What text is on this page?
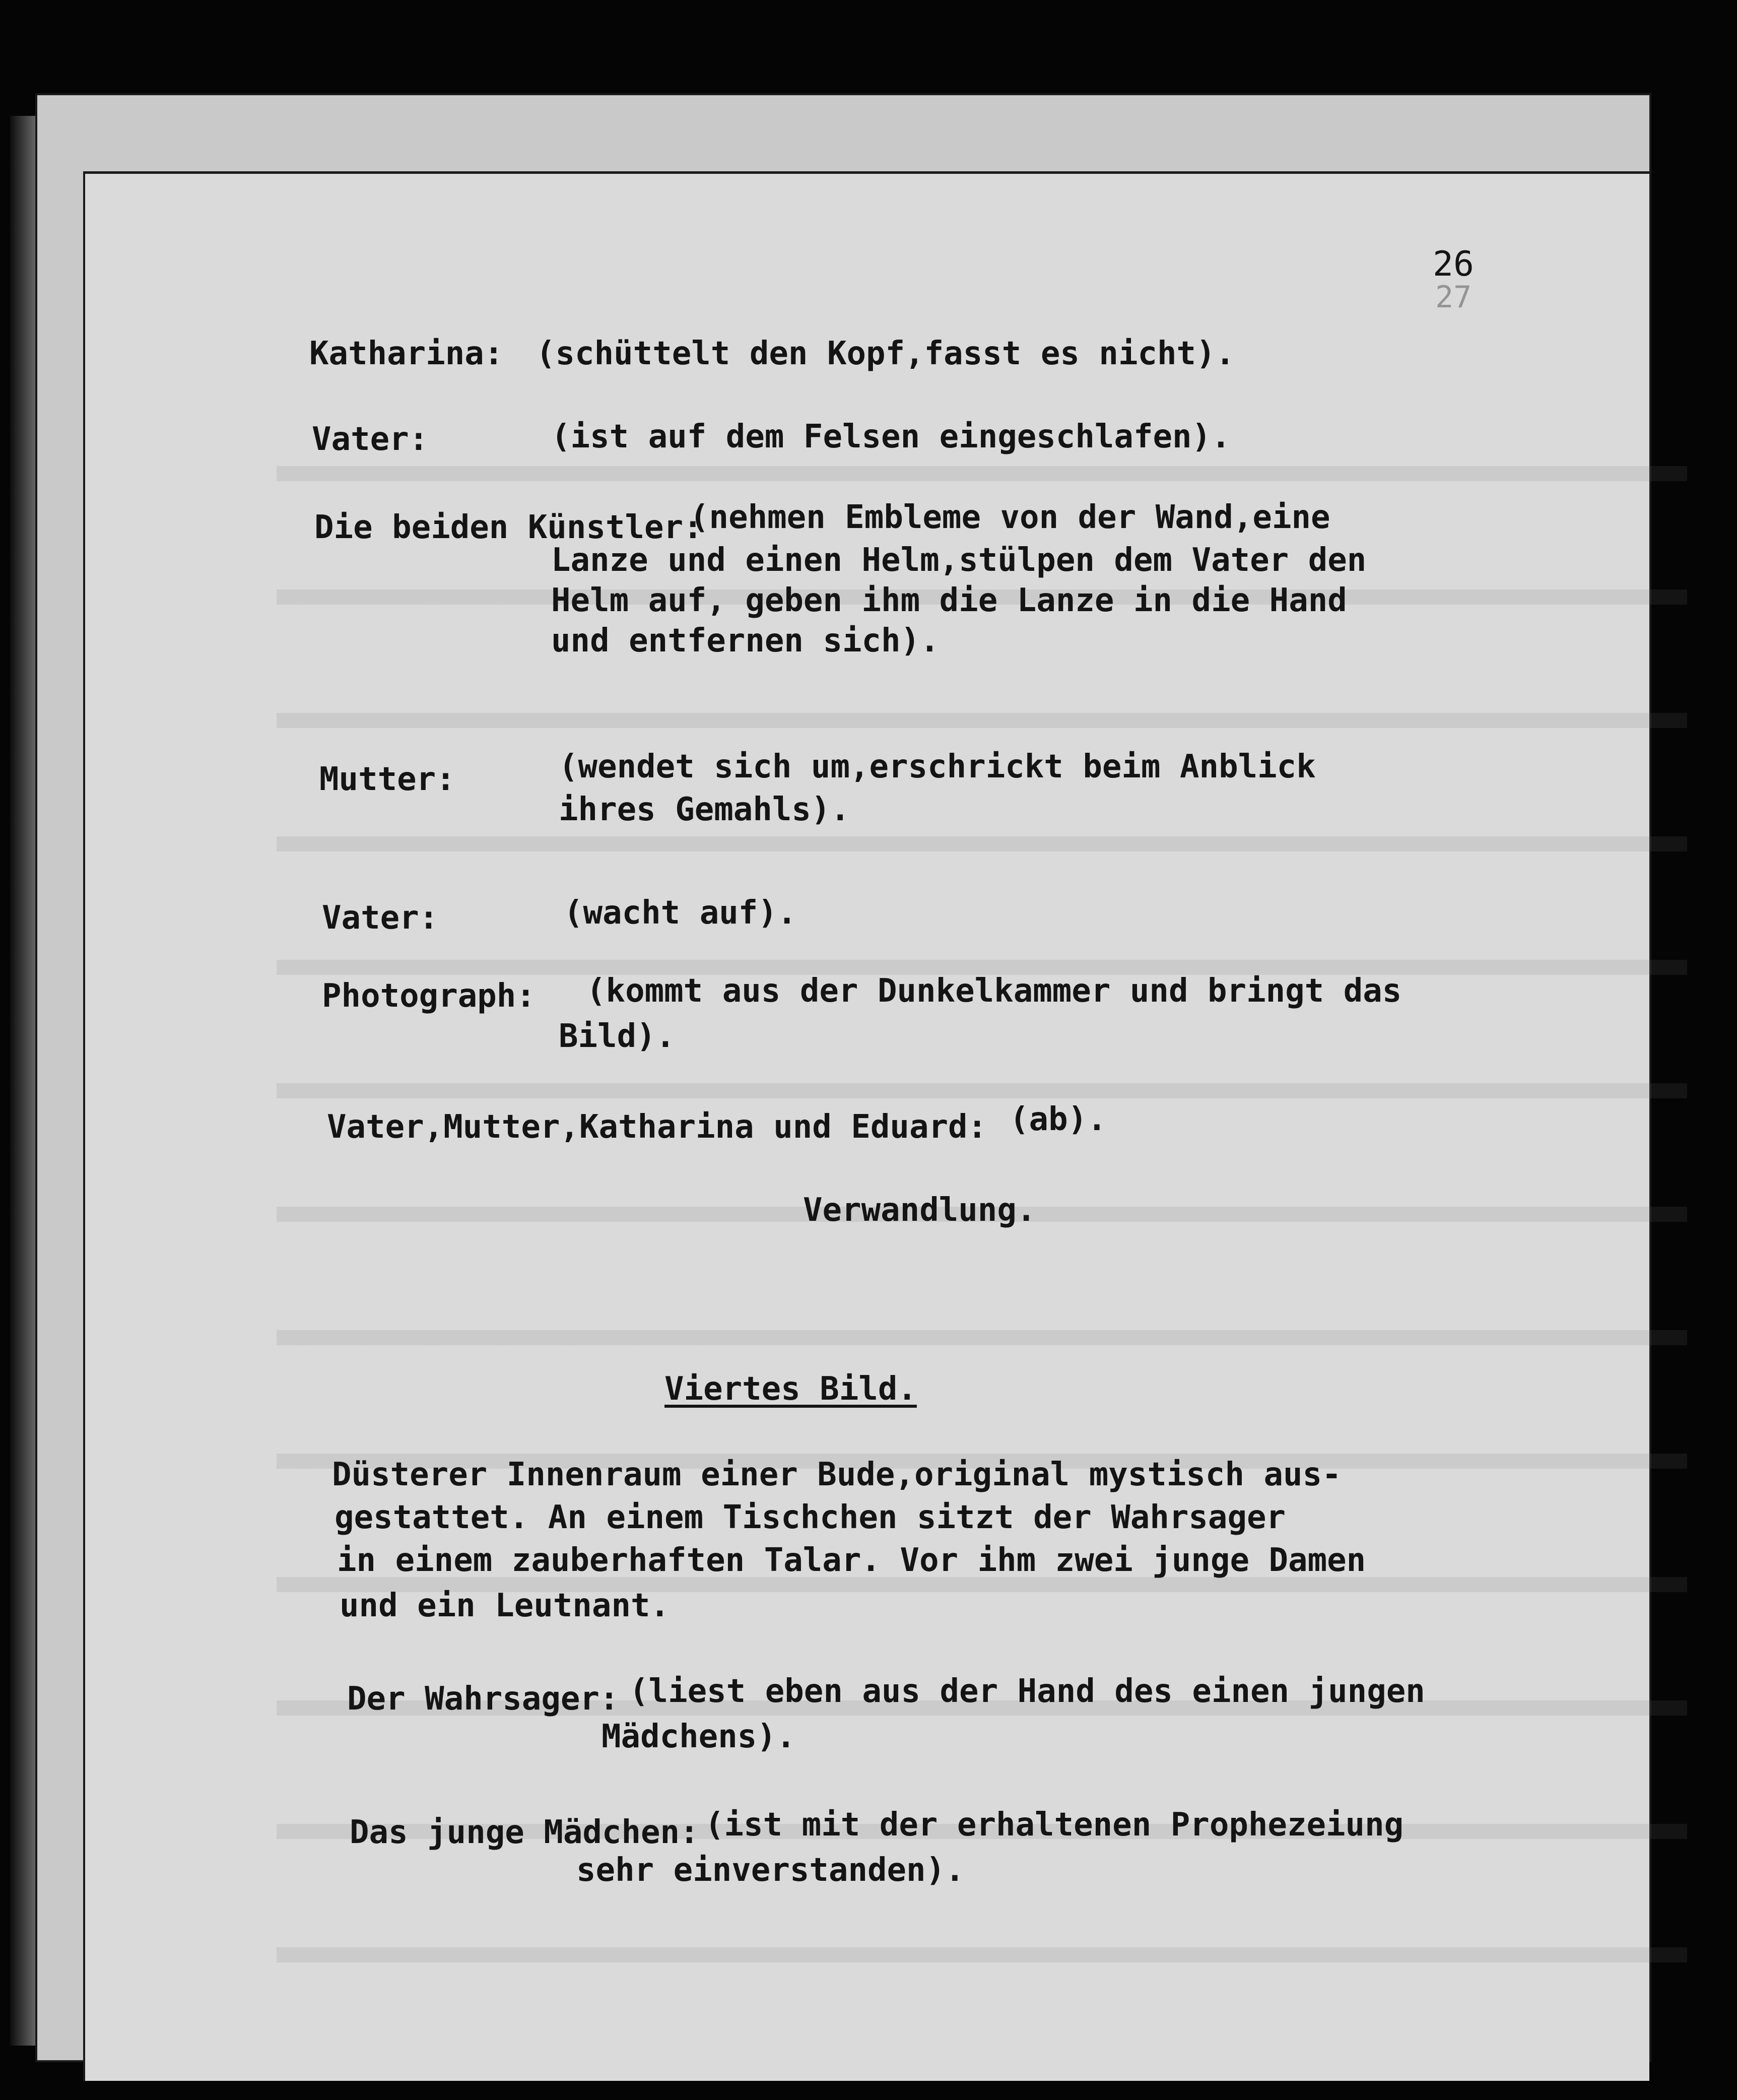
26
27
Katharina: (schüttelt den Kopf,fasst es nicht).
Vater:	(ist auf dem Felsen eingeschlafen).
Die beiden Künstler:
(nehmen Embleme von der Wand,eine
Lanze und einen Helm,stülpen dem Vater den
Helm auf, geben ihm die Lanze in die Hand
und entfernen sich).
Mutter:	(wendet sich um,erschrickt beim Anblick
ihres Gemahls).
Vater:	(wacht auf).
Photograph: (kommt aus der Dunkelkammer und bringt das
Bild).
Vater,Mutter,Katharina und Eduard: (ab).
Verwandlung.
Viertes Bild.
Düsterer Innenraum einer Bude,original mystisch aus-
gestattet. An einem Tischchen sitzt der Wahrsager
in einem zauberhaften Talar. Vor ihm zwei junge Damen
und ein Leutnant.
Der Wahrsager: (liest eben aus der Hand des einen jungen
Mädchens).
Das junge Mädchen: (ist mit der erhaltenen Prophezeiung
sehr einverstanden).
